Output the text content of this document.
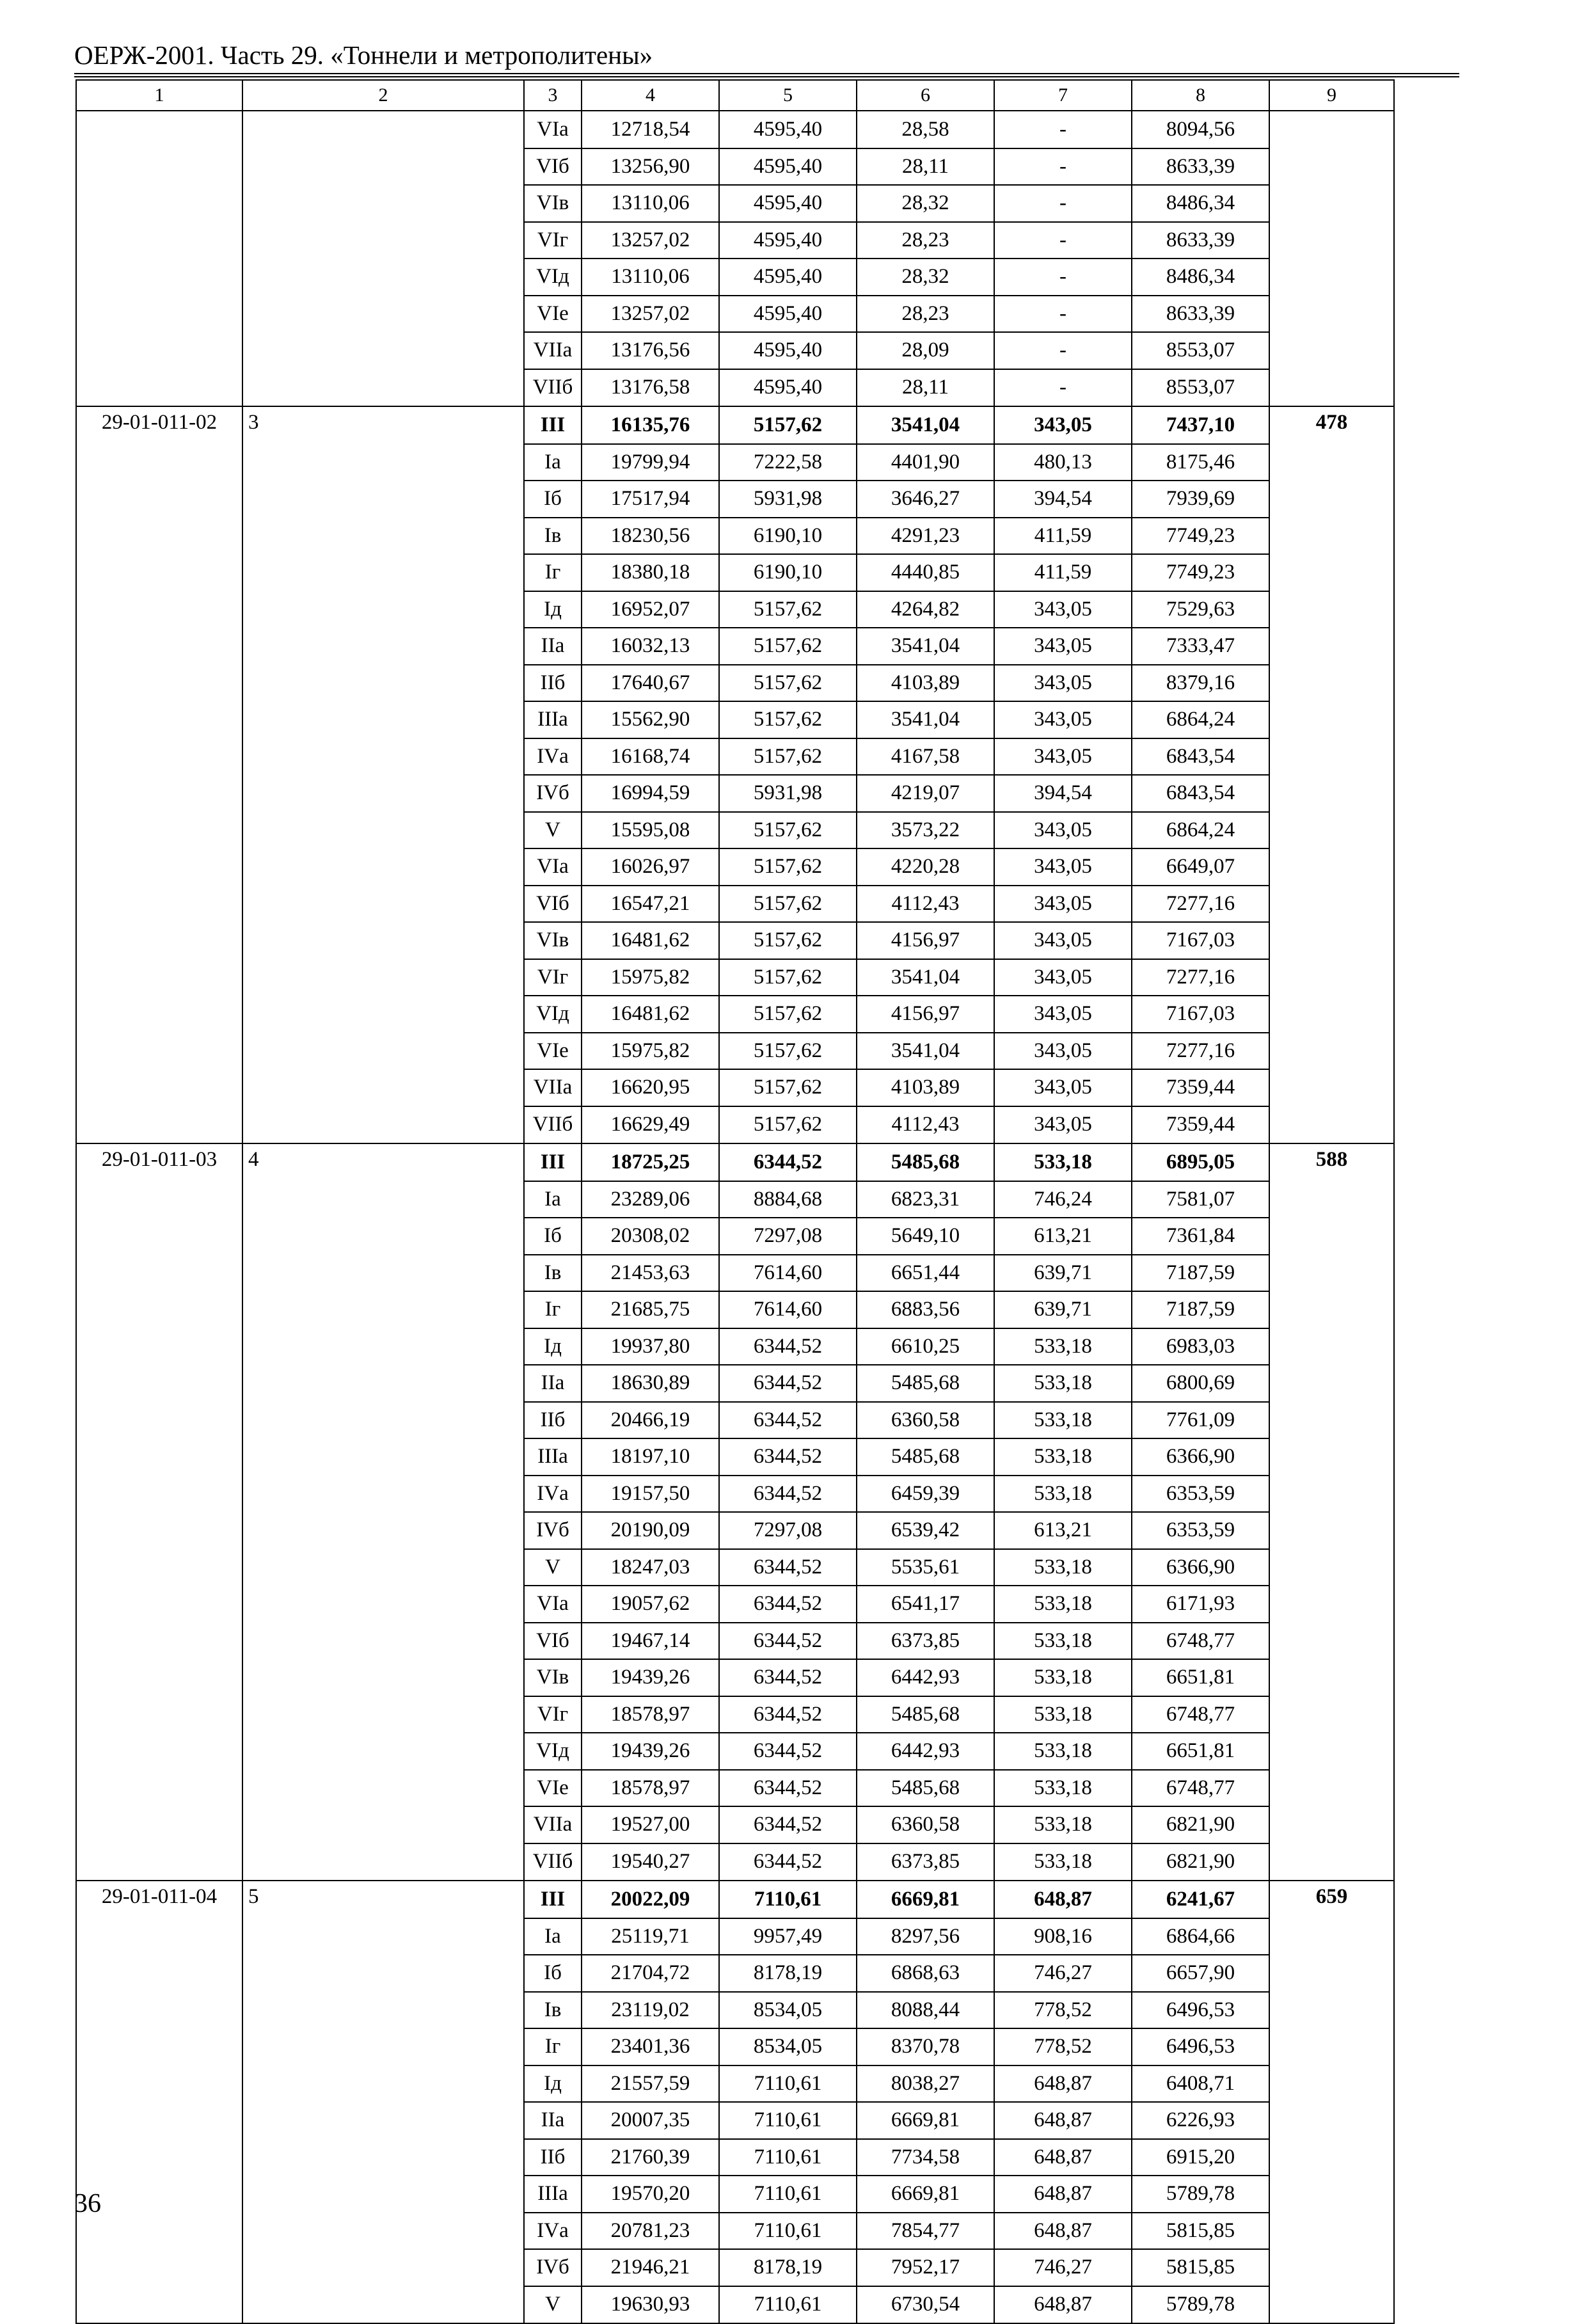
ОЕРЖ-2001. Часть 29. «Тоннели и метрополитены»
1	2	3	4	5	6	7	8	9
		VIа	12718,54	4595,40	28,58	-	8094,56	
		VIб	13256,90	4595,40	28,11	-	8633,39	
		VIв	13110,06	4595,40	28,32	-	8486,34	
		VIг	13257,02	4595,40	28,23	-	8633,39	
		VIд	13110,06	4595,40	28,32	-	8486,34	
		VIе	13257,02	4595,40	28,23	-	8633,39	
		VIIа	13176,56	4595,40	28,09	-	8553,07	
		VIIб	13176,58	4595,40	28,11	-	8553,07	
29-01-011-02	3	III	16135,76	5157,62	3541,04	343,05	7437,10	478
		Iа	19799,94	7222,58	4401,90	480,13	8175,46	
		Iб	17517,94	5931,98	3646,27	394,54	7939,69	
		Iв	18230,56	6190,10	4291,23	411,59	7749,23	
		Iг	18380,18	6190,10	4440,85	411,59	7749,23	
		Iд	16952,07	5157,62	4264,82	343,05	7529,63	
		IIа	16032,13	5157,62	3541,04	343,05	7333,47	
		IIб	17640,67	5157,62	4103,89	343,05	8379,16	
		IIIа	15562,90	5157,62	3541,04	343,05	6864,24	
		IVа	16168,74	5157,62	4167,58	343,05	6843,54	
		IVб	16994,59	5931,98	4219,07	394,54	6843,54	
		V	15595,08	5157,62	3573,22	343,05	6864,24	
		VIа	16026,97	5157,62	4220,28	343,05	6649,07	
		VIб	16547,21	5157,62	4112,43	343,05	7277,16	
		VIв	16481,62	5157,62	4156,97	343,05	7167,03	
		VIг	15975,82	5157,62	3541,04	343,05	7277,16	
		VIд	16481,62	5157,62	4156,97	343,05	7167,03	
		VIе	15975,82	5157,62	3541,04	343,05	7277,16	
		VIIа	16620,95	5157,62	4103,89	343,05	7359,44	
		VIIб	16629,49	5157,62	4112,43	343,05	7359,44	
29-01-011-03	4	III	18725,25	6344,52	5485,68	533,18	6895,05	588
		Iа	23289,06	8884,68	6823,31	746,24	7581,07	
		Iб	20308,02	7297,08	5649,10	613,21	7361,84	
		Iв	21453,63	7614,60	6651,44	639,71	7187,59	
		Iг	21685,75	7614,60	6883,56	639,71	7187,59	
		Iд	19937,80	6344,52	6610,25	533,18	6983,03	
		IIа	18630,89	6344,52	5485,68	533,18	6800,69	
		IIб	20466,19	6344,52	6360,58	533,18	7761,09	
		IIIа	18197,10	6344,52	5485,68	533,18	6366,90	
		IVа	19157,50	6344,52	6459,39	533,18	6353,59	
		IVб	20190,09	7297,08	6539,42	613,21	6353,59	
		V	18247,03	6344,52	5535,61	533,18	6366,90	
		VIа	19057,62	6344,52	6541,17	533,18	6171,93	
		VIб	19467,14	6344,52	6373,85	533,18	6748,77	
		VIв	19439,26	6344,52	6442,93	533,18	6651,81	
		VIг	18578,97	6344,52	5485,68	533,18	6748,77	
		VIд	19439,26	6344,52	6442,93	533,18	6651,81	
		VIе	18578,97	6344,52	5485,68	533,18	6748,77	
		VIIа	19527,00	6344,52	6360,58	533,18	6821,90	
		VIIб	19540,27	6344,52	6373,85	533,18	6821,90	
29-01-011-04	5	III	20022,09	7110,61	6669,81	648,87	6241,67	659
		Iа	25119,71	9957,49	8297,56	908,16	6864,66	
		Iб	21704,72	8178,19	6868,63	746,27	6657,90	
		Iв	23119,02	8534,05	8088,44	778,52	6496,53	
		Iг	23401,36	8534,05	8370,78	778,52	6496,53	
		Iд	21557,59	7110,61	8038,27	648,87	6408,71	
		IIа	20007,35	7110,61	6669,81	648,87	6226,93	
		IIб	21760,39	7110,61	7734,58	648,87	6915,20	
		IIIа	19570,20	7110,61	6669,81	648,87	5789,78	
		IVа	20781,23	7110,61	7854,77	648,87	5815,85	
		IVб	21946,21	8178,19	7952,17	746,27	5815,85	
		V	19630,93	7110,61	6730,54	648,87	5789,78	
36
